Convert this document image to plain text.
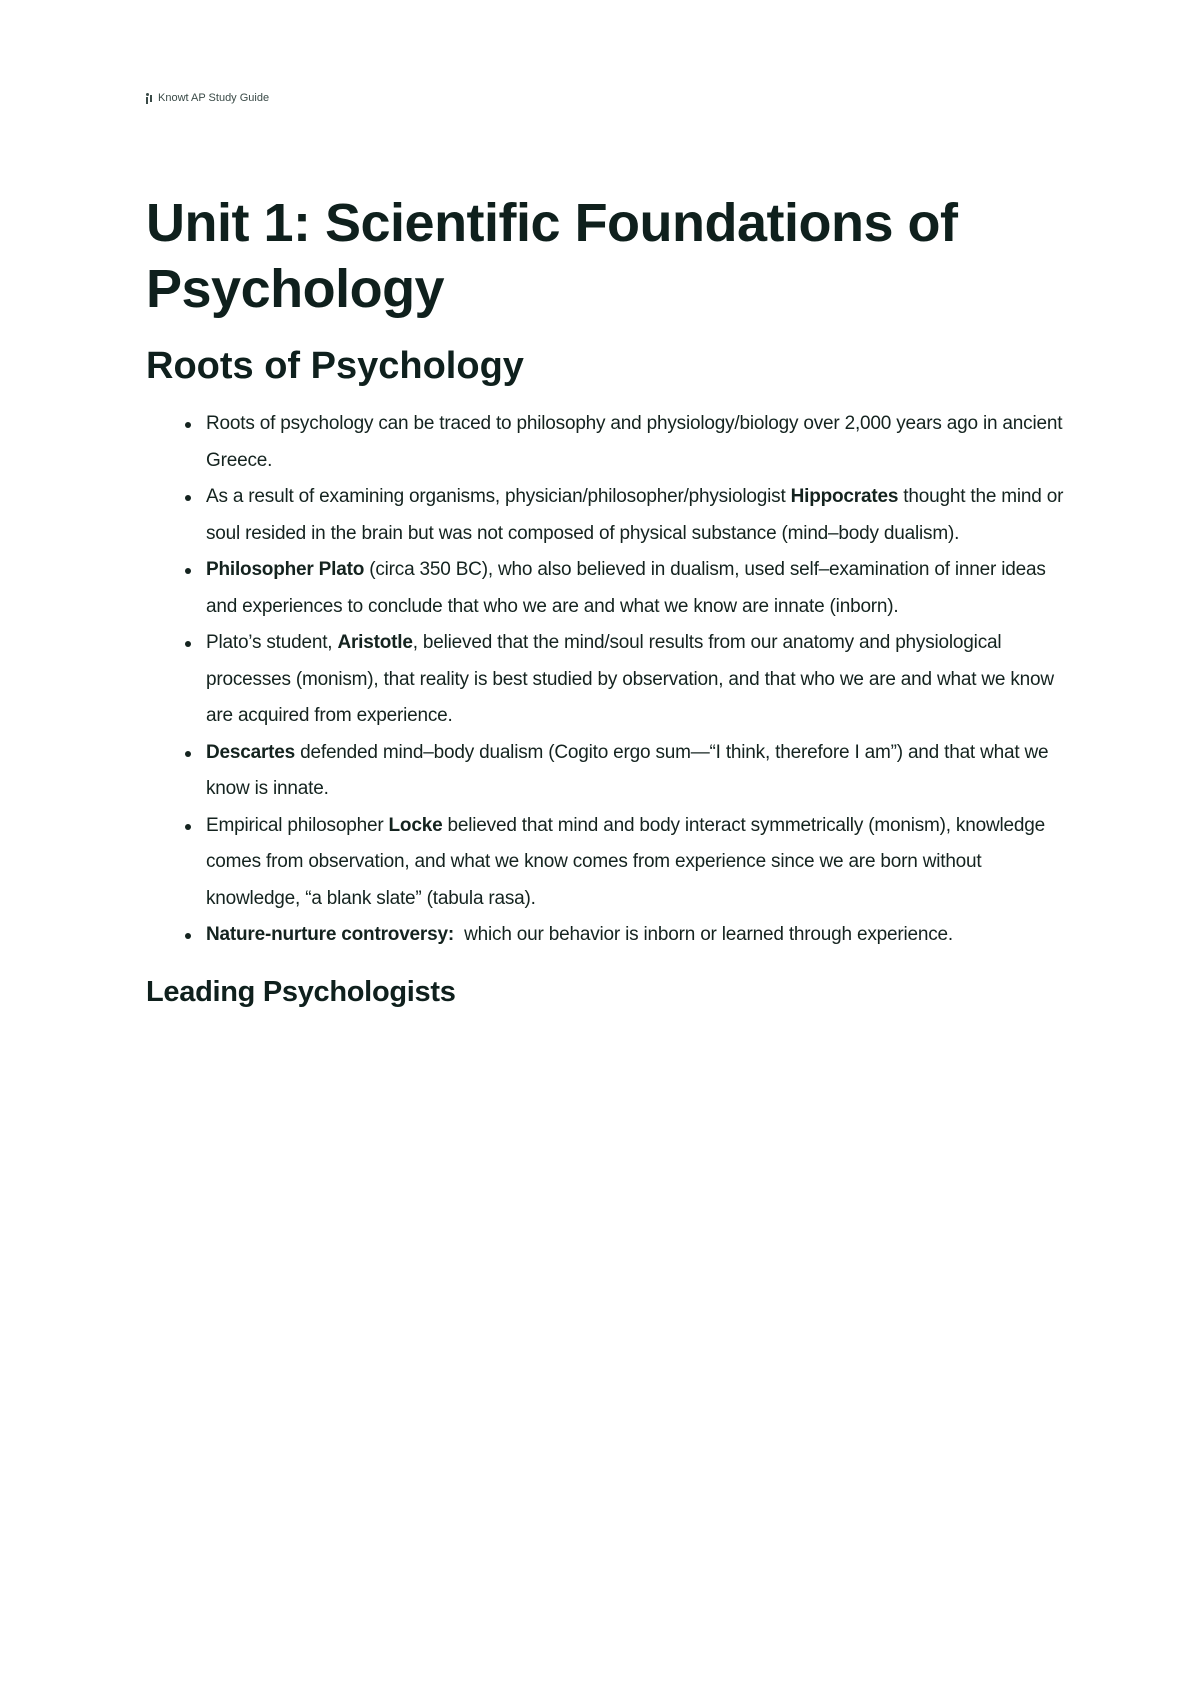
Knowt AP Study Guide
Unit 1: Scientific Foundations of Psychology
Roots of Psychology
Roots of psychology can be traced to philosophy and physiology/biology over 2,000 years ago in ancient Greece.
As a result of examining organisms, physician/philosopher/physiologist Hippocrates thought the mind or soul resided in the brain but was not composed of physical substance (mind–body dualism).
Philosopher Plato (circa 350 BC), who also believed in dualism, used self–examination of inner ideas and experiences to conclude that who we are and what we know are innate (inborn).
Plato’s student, Aristotle, believed that the mind/soul results from our anatomy and physiological processes (monism), that reality is best studied by observation, and that who we are and what we know are acquired from experience.
Descartes defended mind–body dualism (Cogito ergo sum—“I think, therefore I am”) and that what we know is innate.
Empirical philosopher Locke believed that mind and body interact symmetrically (monism), knowledge comes from observation, and what we know comes from experience since we are born without knowledge, “a blank slate” (tabula rasa).
Nature-nurture controversy:  which our behavior is inborn or learned through experience.
Leading Psychologists
